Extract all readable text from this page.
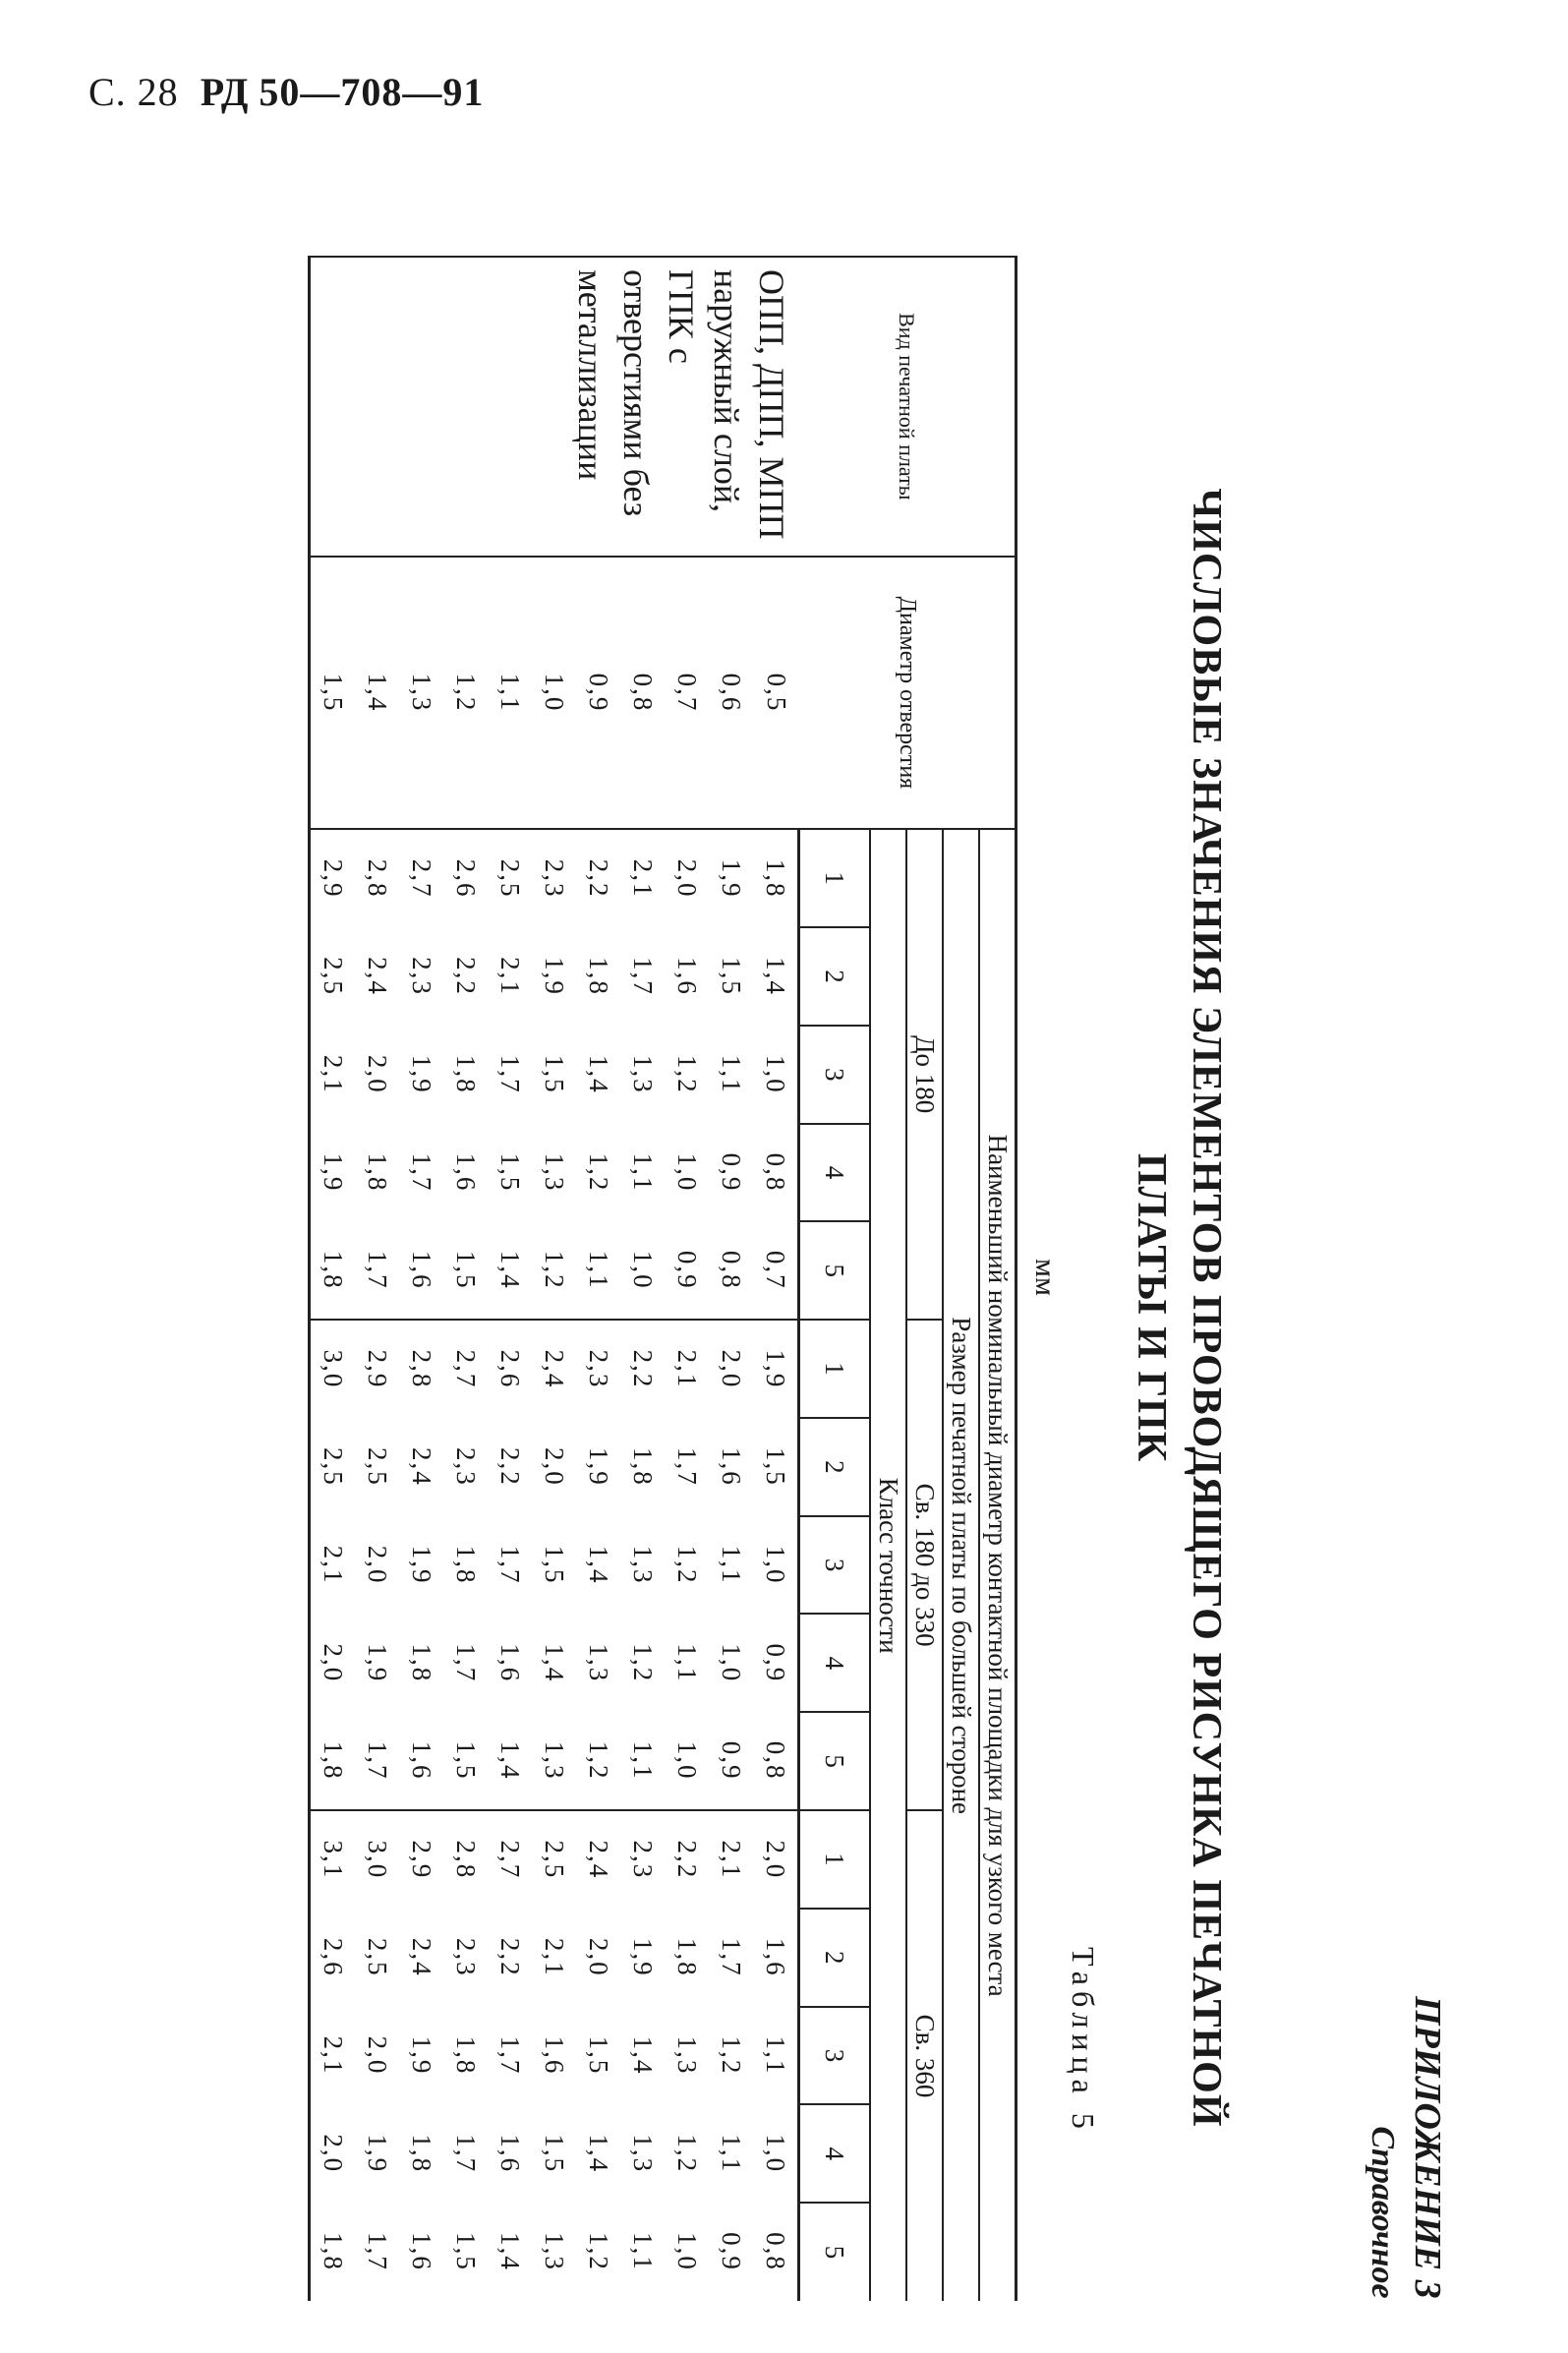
С. 28 РД 50—708—91
ПРИЛОЖЕНИЕ 3
Справочное
ЧИСЛОВЫЕ ЗНАЧЕНИЯ ЭЛЕМЕНТОВ ПРОВОДЯЩЕГО РИСУНКА ПЕЧАТНОЙ ПЛАТЫ И ГПК
мм
Таблица 5
Вид печатной платы	Диаметр отверстия	Наименьший номинальный диаметр контактной площадки для узкого места														
		Размер печатной платы по большей стороне														
		До 180					Св. 180 до 330					Св. 360				
		Класс точности														
		1	2	3	4	5	1	2	3	4	5	1	2	3	4	5
ОПП, ДПП, МПП наружный слой, ГПК с отверстиями без металлизации	0,5	1,8	1,4	1,0	0,8	0,7	1,9	1,5	1,0	0,9	0,8	2,0	1,6	1,1	1,0	0,8
	0,6	1,9	1,5	1,1	0,9	0,8	2,0	1,6	1,1	1,0	0,9	2,1	1,7	1,2	1,1	0,9
	0,7	2,0	1,6	1,2	1,0	0,9	2,1	1,7	1,2	1,1	1,0	2,2	1,8	1,3	1,2	1,0
	0,8	2,1	1,7	1,3	1,1	1,0	2,2	1,8	1,3	1,2	1,1	2,3	1,9	1,4	1,3	1,1
	0,9	2,2	1,8	1,4	1,2	1,1	2,3	1,9	1,4	1,3	1,2	2,4	2,0	1,5	1,4	1,2
	1,0	2,3	1,9	1,5	1,3	1,2	2,4	2,0	1,5	1,4	1,3	2,5	2,1	1,6	1,5	1,3
	1,1	2,5	2,1	1,7	1,5	1,4	2,6	2,2	1,7	1,6	1,4	2,7	2,2	1,7	1,6	1,4
	1,2	2,6	2,2	1,8	1,6	1,5	2,7	2,3	1,8	1,7	1,5	2,8	2,3	1,8	1,7	1,5
	1,3	2,7	2,3	1,9	1,7	1,6	2,8	2,4	1,9	1,8	1,6	2,9	2,4	1,9	1,8	1,6
	1,4	2,8	2,4	2,0	1,8	1,7	2,9	2,5	2,0	1,9	1,7	3,0	2,5	2,0	1,9	1,7
	1,5	2,9	2,5	2,1	1,9	1,8	3,0	2,5	2,1	2,0	1,8	3,1	2,6	2,1	2,0	1,8
